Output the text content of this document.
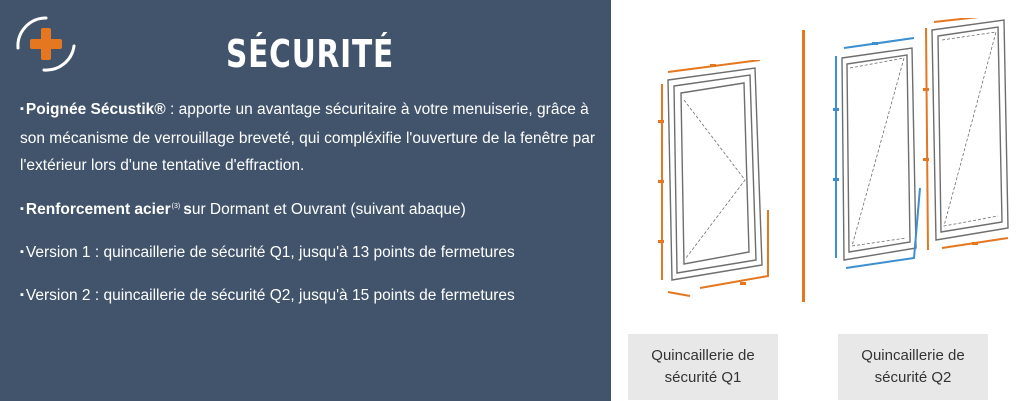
SÉCURITÉ

▪ Poignée Sécustik® : apporte un avantage sécuritaire à votre menuiserie, grâce à son mécanisme de verrouillage breveté, qui compléxifie l'ouverture de la fenêtre par l'extérieur lors d'une tentative d'effraction.

▪ Renforcement acier$^{(3)}$ sur Dormant et Ouvrant (suivant abaque)

▪ Version 1 : quincaillerie de sécurité Q1, jusqu'à 13 points de fermetures

▪ Version 2 : quincaillerie de sécurité Q2, jusqu'à 15 points de fermetures

Quincaillerie de sécurité Q1
Quincaillerie de sécurité Q2
